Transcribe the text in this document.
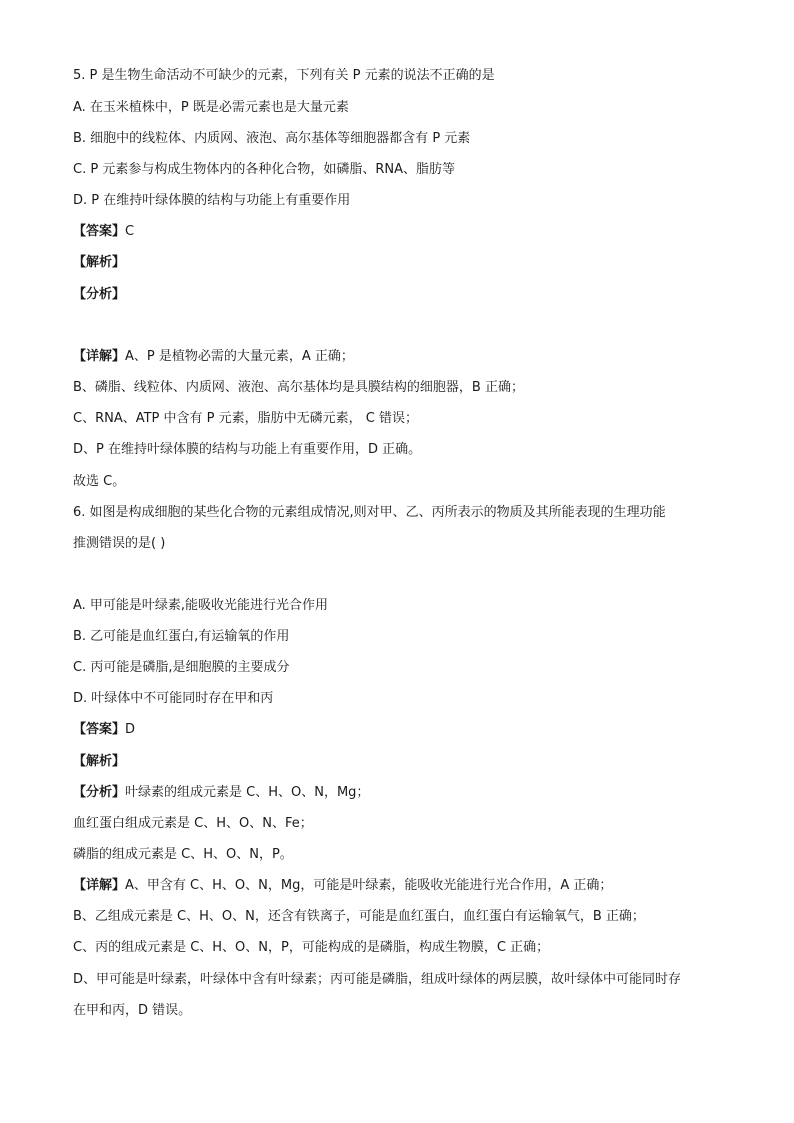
5. P 是生物生命活动不可缺少的元素，下列有关 P 元素的说法不正确的是
A. 在玉米植株中，P 既是必需元素也是大量元素
B. 细胞中的线粒体、内质网、液泡、高尔基体等细胞器都含有 P 元素
C. P 元素参与构成生物体内的各种化合物，如磷脂、RNA、脂肪等
D. P 在维持叶绿体膜的结构与功能上有重要作用
【答案】C
【解析】
【分析】
【详解】A、P 是植物必需的大量元素，A 正确；
B、磷脂、线粒体、内质网、液泡、高尔基体均是具膜结构的细胞器，B 正确；
C、RNA、ATP 中含有 P 元素，脂肪中无磷元素， C 错误；
D、P 在维持叶绿体膜的结构与功能上有重要作用，D 正确。
故选 C。
6. 如图是构成细胞的某些化合物的元素组成情况,则对甲、乙、丙所表示的物质及其所能表现的生理功能
推测错误的是( )
A. 甲可能是叶绿素,能吸收光能进行光合作用
B. 乙可能是血红蛋白,有运输氧的作用
C. 丙可能是磷脂,是细胞膜的主要成分
D. 叶绿体中不可能同时存在甲和丙
【答案】D
【解析】
【分析】叶绿素的组成元素是 C、H、O、N，Mg；
血红蛋白组成元素是 C、H、O、N、Fe；
磷脂的组成元素是 C、H、O、N，P。
【详解】A、甲含有 C、H、O、N，Mg，可能是叶绿素，能吸收光能进行光合作用，A 正确；
B、乙组成元素是 C、H、O、N，还含有铁离子，可能是血红蛋白，血红蛋白有运输氧气，B 正确；
C、丙的组成元素是 C、H、O、N，P，可能构成的是磷脂，构成生物膜，C 正确；
D、甲可能是叶绿素，叶绿体中含有叶绿素；丙可能是磷脂，组成叶绿体的两层膜，故叶绿体中可能同时存
在甲和丙，D 错误。
